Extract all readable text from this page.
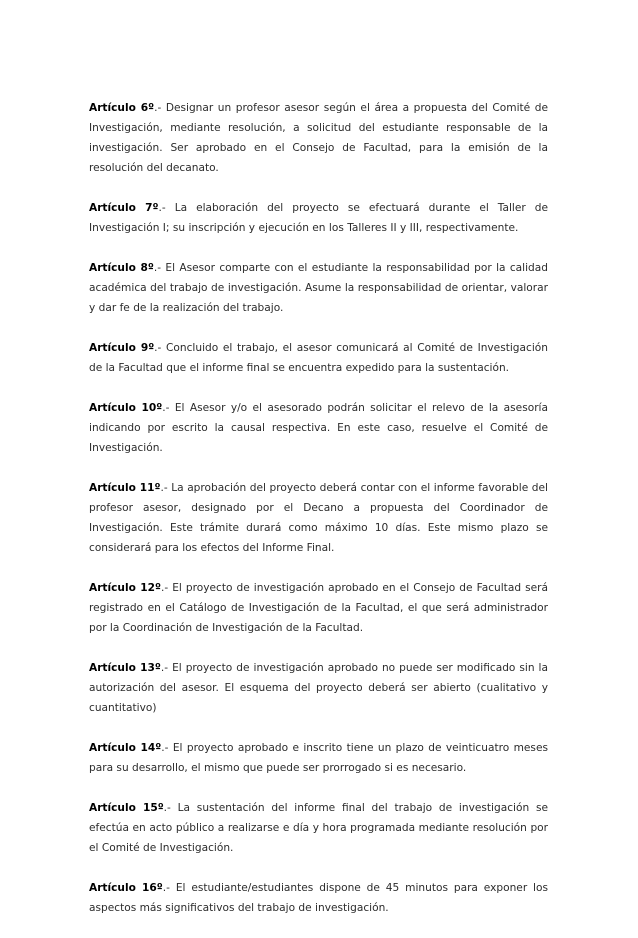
Artículo 6º.- Designar un profesor asesor según el área a propuesta del Comité de Investigación, mediante resolución, a solicitud del estudiante responsable de la investigación. Ser aprobado en el Consejo de Facultad, para la emisión de la resolución del decanato.

Artículo 7º.- La elaboración del proyecto se efectuará durante el Taller de Investigación I; su inscripción y ejecución en los Talleres II y III, respectivamente.

Artículo 8º.- El Asesor comparte con el estudiante la responsabilidad por la calidad académica del trabajo de investigación. Asume la responsabilidad de orientar, valorar y dar fe de la realización del trabajo.

Artículo 9º.- Concluido el trabajo, el asesor comunicará al Comité de Investigación de la Facultad que el informe final se encuentra expedido para la sustentación.

Artículo 10º.- El Asesor y/o el asesorado podrán solicitar el relevo de la asesoría indicando por escrito la causal respectiva. En este caso, resuelve el Comité de Investigación.

Artículo 11º.- La aprobación del proyecto deberá contar con el informe favorable del profesor asesor, designado por el Decano a propuesta del Coordinador de Investigación. Este trámite durará como máximo 10 días. Este mismo plazo se considerará para los efectos del Informe Final.

Artículo 12º.- El proyecto de investigación aprobado en el Consejo de Facultad será registrado en el Catálogo de Investigación de la Facultad, el que será administrador por la Coordinación de Investigación de la Facultad.

Artículo 13º.- El proyecto de investigación aprobado no puede ser modificado sin la autorización del asesor. El esquema del proyecto deberá ser abierto (cualitativo y cuantitativo)

Artículo 14º.- El proyecto aprobado e inscrito tiene un plazo de veinticuatro meses para su desarrollo, el mismo que puede ser prorrogado si es necesario.

Artículo 15º.- La sustentación del informe final del trabajo de investigación se efectúa en acto público a realizarse e día y hora programada mediante resolución por el Comité de Investigación.

Artículo 16º.- El estudiante/estudiantes dispone de 45 minutos para exponer los aspectos más significativos del trabajo de investigación.
